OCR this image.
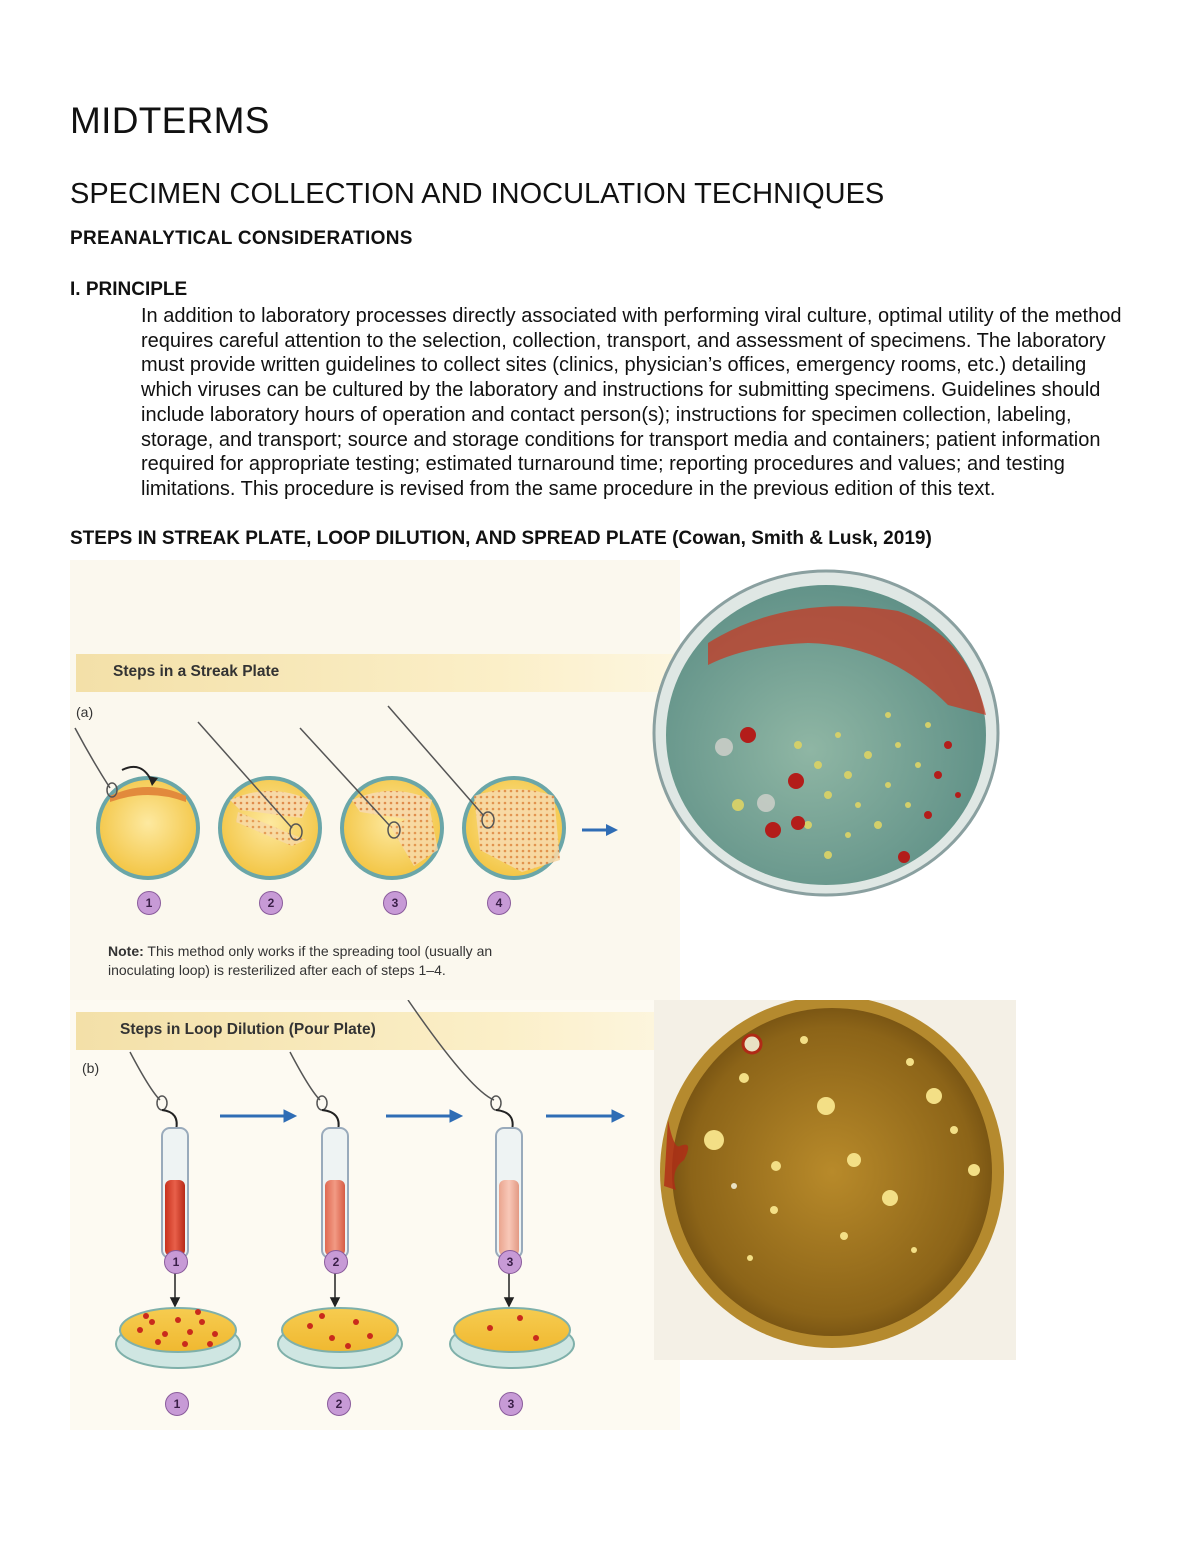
MIDTERMS
SPECIMEN COLLECTION AND INOCULATION TECHNIQUES
PREANALYTICAL CONSIDERATIONS
I. PRINCIPLE

In addition to laboratory processes directly associated with performing viral culture, optimal utility of the method requires careful attention to the selection, collection, transport, and assessment of specimens. The laboratory must provide written guidelines to collect sites (clinics, physician’s offices, emergency rooms, etc.) detailing which viruses can be cultured by the laboratory and instructions for submitting specimens. Guidelines should include laboratory hours of operation and contact person(s); instructions for specimen collection, labeling, storage, and transport; source and storage conditions for transport media and containers; patient information required for appropriate testing; estimated turnaround time; reporting procedures and values; and testing limitations. This procedure is revised from the same procedure in the previous edition of this text.

STEPS IN STREAK PLATE, LOOP DILUTION, AND SPREAD PLATE (Cowan, Smith & Lusk, 2019)
Steps in a Streak Plate
(a)
1	2	3	4
Note: This method only works if the spreading tool (usually an inoculating loop) is resterilized after each of steps 1–4.
Steps in Loop Dilution (Pour Plate)
(b)
1	2	3
1	2	3
